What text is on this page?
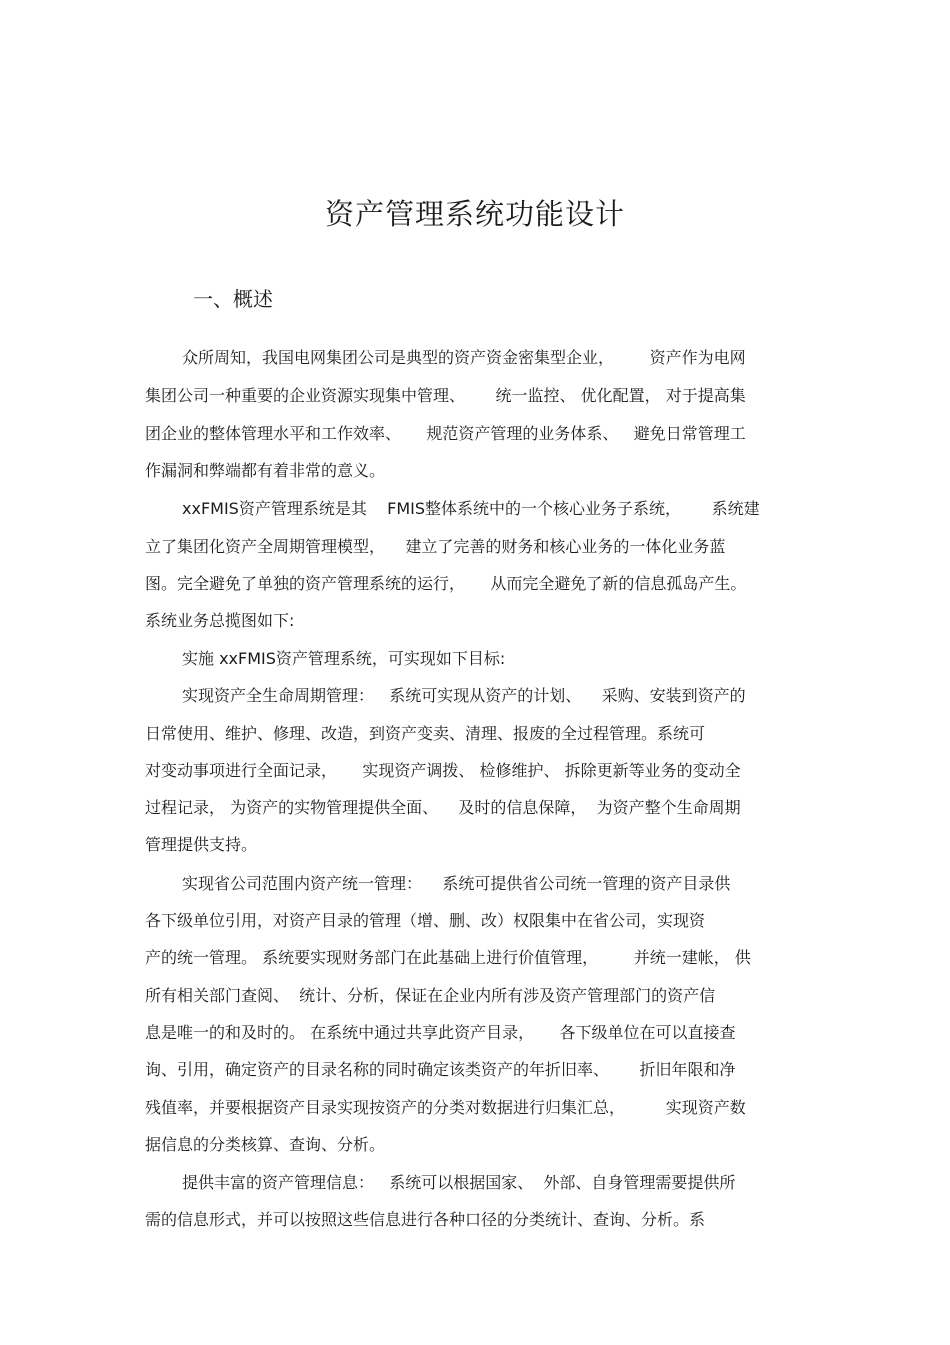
资产管理系统功能设计
一、概述
众所周知，我国电网集团公司是典型的资产资金密集型企业，       资产作为电网
集团公司一种重要的企业资源实现集中管理、      统一监控、 优化配置， 对于提高集
团企业的整体管理水平和工作效率、     规范资产管理的业务体系、   避免日常管理工
作漏洞和弊端都有着非常的意义。
xxFMIS资产管理系统是其    FMIS整体系统中的一个核心业务子系统，      系统建
立了集团化资产全周期管理模型，    建立了完善的财务和核心业务的一体化业务蓝
图。完全避免了单独的资产管理系统的运行，     从而完全避免了新的信息孤岛产生。
系统业务总揽图如下:
实施 xxFMIS资产管理系统，可实现如下目标:
实现资产全生命周期管理：   系统可实现从资产的计划、    采购、安装到资产的
日常使用、维护、修理、改造，到资产变卖、清理、报废的全过程管理。系统可
对变动事项进行全面记录，     实现资产调拨、 检修维护、 拆除更新等业务的变动全
过程记录， 为资产的实物管理提供全面、    及时的信息保障，  为资产整个生命周期
管理提供支持。
实现省公司范围内资产统一管理：    系统可提供省公司统一管理的资产目录供
各下级单位引用，对资产目录的管理（增、删、改）权限集中在省公司，实现资
产的统一管理。 系统要实现财务部门在此基础上进行价值管理，       并统一建帐， 供
所有相关部门查阅、  统计、分析，保证在企业内所有涉及资产管理部门的资产信
息是唯一的和及时的。 在系统中通过共享此资产目录，     各下级单位在可以直接查
询、引用，确定资产的目录名称的同时确定该类资产的年折旧率、      折旧年限和净
残值率，并要根据资产目录实现按资产的分类对数据进行归集汇总，        实现资产数
据信息的分类核算、查询、分析。
提供丰富的资产管理信息：   系统可以根据国家、  外部、自身管理需要提供所
需的信息形式，并可以按照这些信息进行各种口径的分类统计、查询、分析。系
